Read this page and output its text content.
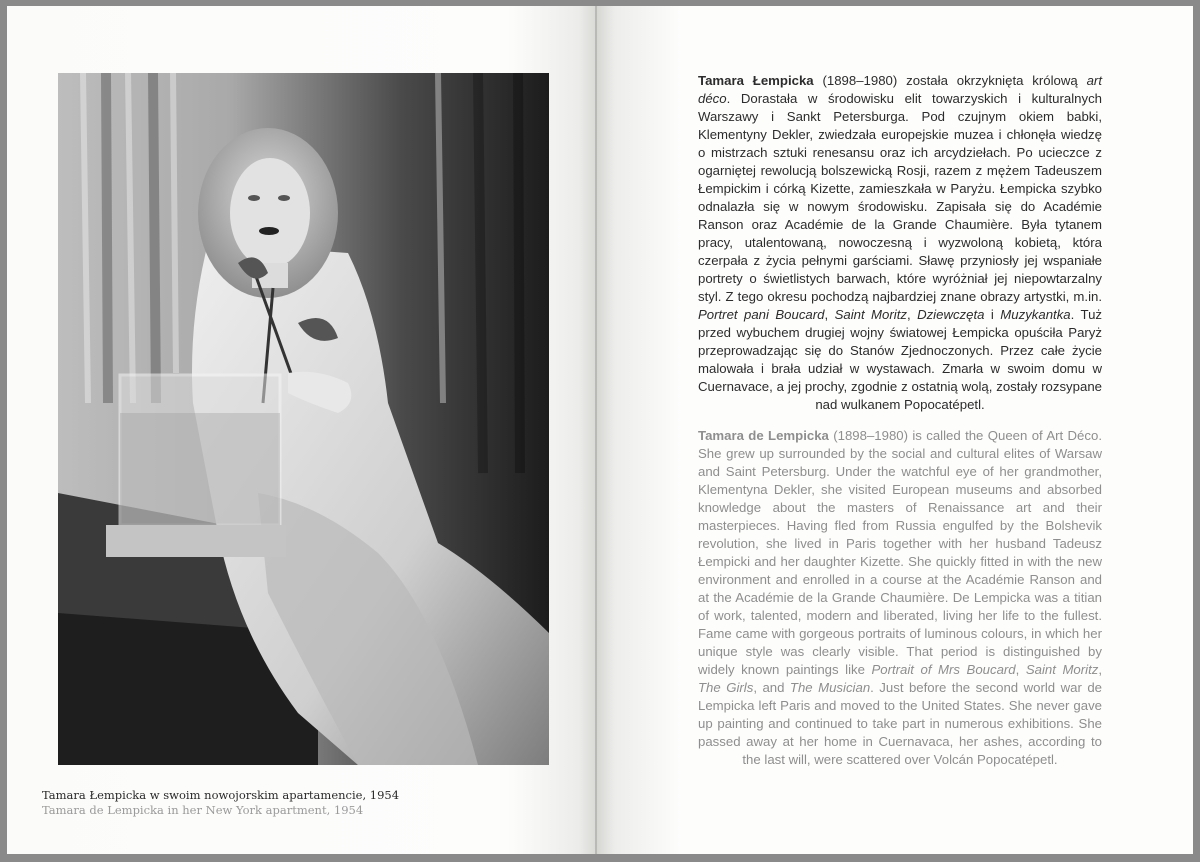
Tamara Łempicka w swoim nowojorskim apartamencie, 1954
Tamara de Lempicka in her New York apartment, 1954
Tamara Łempicka (1898–1980) została okrzyknięta królową art déco. Dorastała w środowisku elit towarzyskich i kulturalnych Warszawy i Sankt Petersburga. Pod czujnym okiem babki, Klementyny Dekler, zwiedzała europejskie muzea i chłonęła wiedzę o mistrzach sztuki renesansu oraz ich arcydziełach. Po ucieczce z ogarniętej rewolucją bolszewicką Rosji, razem z mężem Tadeuszem Łempickim i córką Kizette, zamieszkała w Paryżu. Łempicka szybko odnalazła się w nowym środowisku. Zapisała się do Académie Ranson oraz Académie de la Grande Chaumière. Była tytanem pracy, utalentowaną, nowoczesną i wyzwoloną kobietą, która czerpała z życia pełnymi garściami. Sławę przyniosły jej wspaniałe portrety o świetlistych barwach, które wyróżniał jej niepowtarzalny styl. Z tego okresu pochodzą najbardziej znane obrazy artystki, m.in. Portret pani Boucard, Saint Moritz, Dziewczęta i Muzykantka. Tuż przed wybuchem drugiej wojny światowej Łempicka opuściła Paryż przeprowadzając się do Stanów Zjednoczonych. Przez całe życie malowała i brała udział w wystawach. Zmarła w swoim domu w Cuernavace, a jej prochy, zgodnie z ostatnią wolą, zostały rozsypane nad wulkanem Popocatépetl.
Tamara de Lempicka (1898–1980) is called the Queen of Art Déco. She grew up surrounded by the social and cultural elites of Warsaw and Saint Petersburg. Under the watchful eye of her grandmother, Klementyna Dekler, she visited European museums and absorbed knowledge about the masters of Renaissance art and their masterpieces. Having fled from Russia engulfed by the Bolshevik revolution, she lived in Paris together with her husband Tadeusz Łempicki and her daughter Kizette. She quickly fitted in with the new environment and enrolled in a course at the Académie Ranson and at the Académie de la Grande Chaumière. De Lempicka was a titian of work, talented, modern and liberated, living her life to the fullest. Fame came with gorgeous portraits of luminous colours, in which her unique style was clearly visible. That period is distinguished by widely known paintings like Portrait of Mrs Boucard, Saint Moritz, The Girls, and The Musician. Just before the second world war de Lempicka left Paris and moved to the United States. She never gave up painting and continued to take part in numerous exhibitions. She passed away at her home in Cuernavaca, her ashes, according to the last will, were scattered over Volcán Popocatépetl.
